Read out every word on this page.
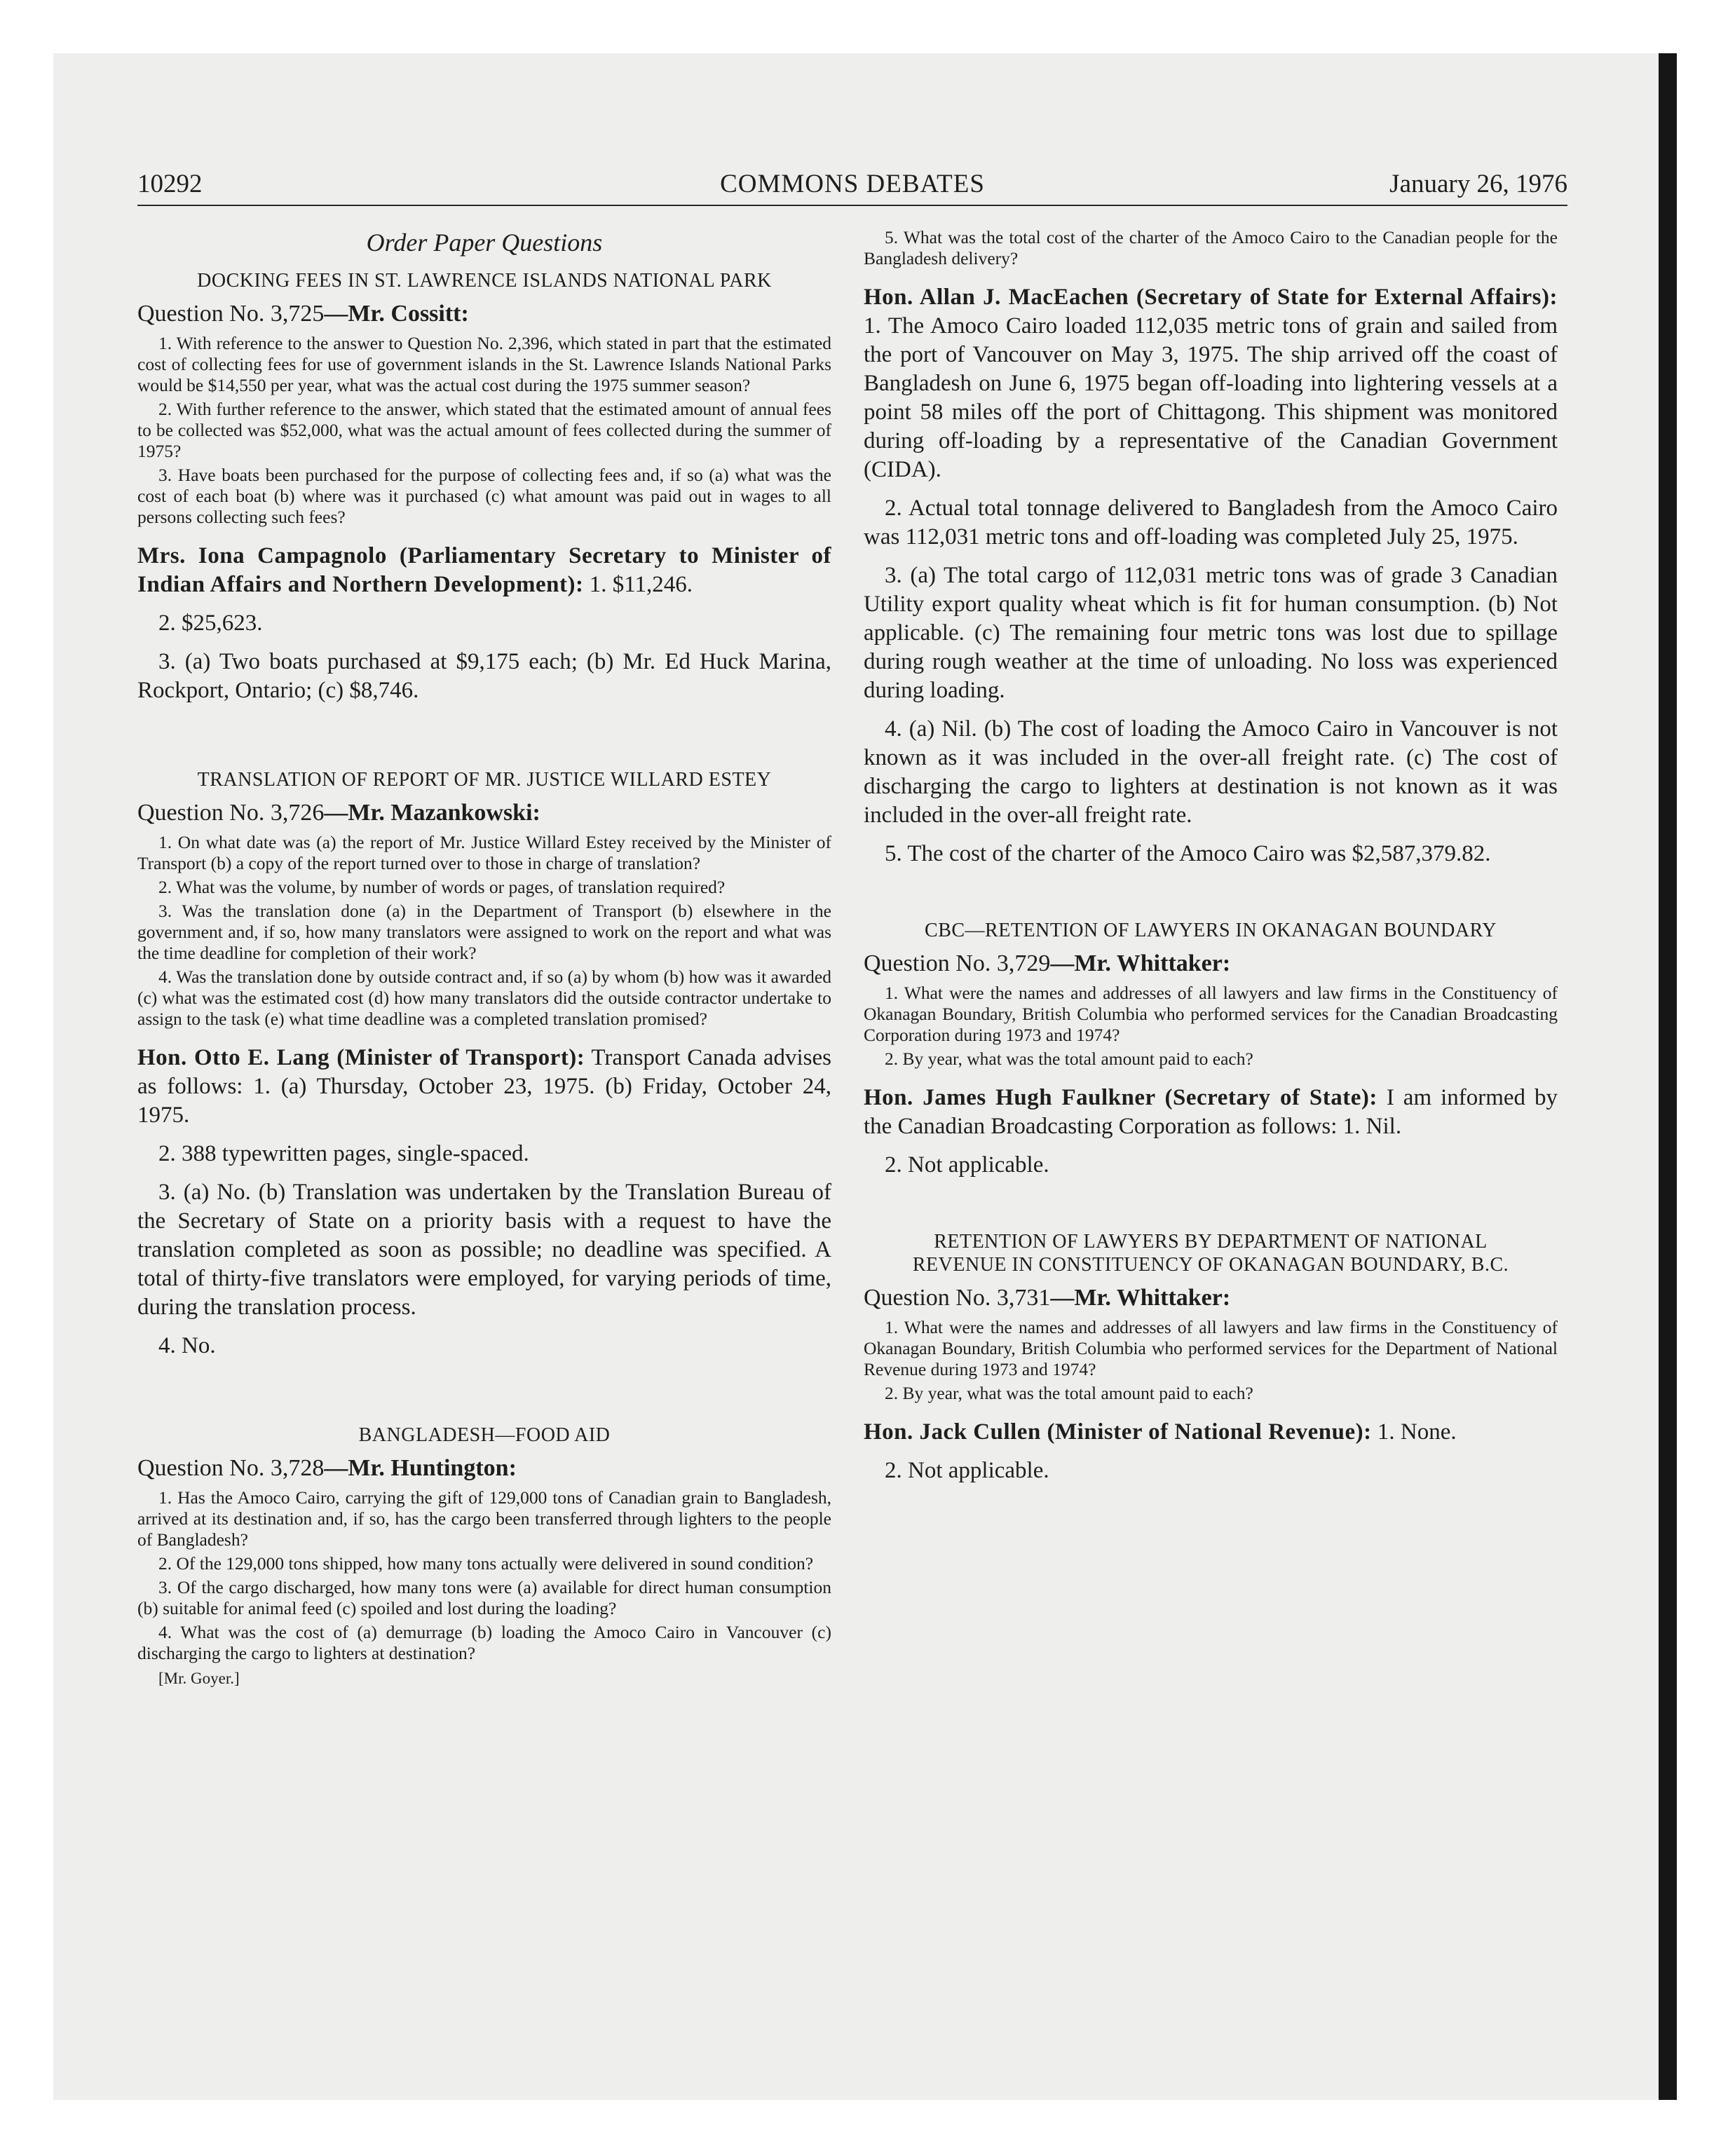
COMMONS DEBATES
10292	January 26, 1976

Order Paper Questions

DOCKING FEES IN ST. LAWRENCE ISLANDS NATIONAL PARK

Question No. 3,725—Mr. Cossitt:

1. With reference to the answer to Question No. 2,396, which stated in part that the estimated cost of collecting fees for use of government islands in the St. Lawrence Islands National Parks would be $14,550 per year, what was the actual cost during the 1975 summer season?

2. With further reference to the answer, which stated that the estimated amount of annual fees to be collected was $52,000, what was the actual amount of fees collected during the summer of 1975?

3. Have boats been purchased for the purpose of collecting fees and, if so (a) what was the cost of each boat (b) where was it purchased (c) what amount was paid out in wages to all persons collecting such fees?

Mrs. Iona Campagnolo (Parliamentary Secretary to Minister of Indian Affairs and Northern Development): 1. $11,246.

2. $25,623.

3. (a) Two boats purchased at $9,175 each; (b) Mr. Ed Huck Marina, Rockport, Ontario; (c) $8,746.

TRANSLATION OF REPORT OF MR. JUSTICE WILLARD ESTEY

Question No. 3,726—Mr. Mazankowski:

1. On what date was (a) the report of Mr. Justice Willard Estey received by the Minister of Transport (b) a copy of the report turned over to those in charge of translation?

2. What was the volume, by number of words or pages, of translation required?

3. Was the translation done (a) in the Department of Transport (b) elsewhere in the government and, if so, how many translators were assigned to work on the report and what was the time deadline for completion of their work?

4. Was the translation done by outside contract and, if so (a) by whom (b) how was it awarded (c) what was the estimated cost (d) how many translators did the outside contractor undertake to assign to the task (e) what time deadline was a completed translation promised?

Hon. Otto E. Lang (Minister of Transport): Transport Canada advises as follows: 1. (a) Thursday, October 23, 1975. (b) Friday, October 24, 1975.

2. 388 typewritten pages, single-spaced.

3. (a) No. (b) Translation was undertaken by the Translation Bureau of the Secretary of State on a priority basis with a request to have the translation completed as soon as possible; no deadline was specified. A total of thirty-five translators were employed, for varying periods of time, during the translation process.

4. No.

BANGLADESH—FOOD AID

Question No. 3,728—Mr. Huntington:

1. Has the Amoco Cairo, carrying the gift of 129,000 tons of Canadian grain to Bangladesh, arrived at its destination and, if so, has the cargo been transferred through lighters to the people of Bangladesh?

2. Of the 129,000 tons shipped, how many tons actually were delivered in sound condition?

3. Of the cargo discharged, how many tons were (a) available for direct human consumption (b) suitable for animal feed (c) spoiled and lost during the loading?

4. What was the cost of (a) demurrage (b) loading the Amoco Cairo in Vancouver (c) discharging the cargo to lighters at destination?

[Mr. Goyer.]

5. What was the total cost of the charter of the Amoco Cairo to the Canadian people for the Bangladesh delivery?

Hon. Allan J. MacEachen (Secretary of State for External Affairs): 1. The Amoco Cairo loaded 112,035 metric tons of grain and sailed from the port of Vancouver on May 3, 1975. The ship arrived off the coast of Bangladesh on June 6, 1975 began off-loading into lightering vessels at a point 58 miles off the port of Chittagong. This shipment was monitored during off-loading by a representative of the Canadian Government (CIDA).

2. Actual total tonnage delivered to Bangladesh from the Amoco Cairo was 112,031 metric tons and off-loading was completed July 25, 1975.

3. (a) The total cargo of 112,031 metric tons was of grade 3 Canadian Utility export quality wheat which is fit for human consumption. (b) Not applicable. (c) The remaining four metric tons was lost due to spillage during rough weather at the time of unloading. No loss was experienced during loading.

4. (a) Nil. (b) The cost of loading the Amoco Cairo in Vancouver is not known as it was included in the over-all freight rate. (c) The cost of discharging the cargo to lighters at destination is not known as it was included in the over-all freight rate.

5. The cost of the charter of the Amoco Cairo was $2,587,379.82.

CBC—RETENTION OF LAWYERS IN OKANAGAN BOUNDARY

Question No. 3,729—Mr. Whittaker:

1. What were the names and addresses of all lawyers and law firms in the Constituency of Okanagan Boundary, British Columbia who performed services for the Canadian Broadcasting Corporation during 1973 and 1974?

2. By year, what was the total amount paid to each?

Hon. James Hugh Faulkner (Secretary of State): I am informed by the Canadian Broadcasting Corporation as follows: 1. Nil.

2. Not applicable.

RETENTION OF LAWYERS BY DEPARTMENT OF NATIONAL

REVENUE IN CONSTITUENCY OF OKANAGAN BOUNDARY, B.C.

Question No. 3,731—Mr. Whittaker:

1. What were the names and addresses of all lawyers and law firms in the Constituency of Okanagan Boundary, British Columbia who performed services for the Department of National Revenue during 1973 and 1974?

2. By year, what was the total amount paid to each?

Hon. Jack Cullen (Minister of National Revenue): 1. None.

2. Not applicable.
